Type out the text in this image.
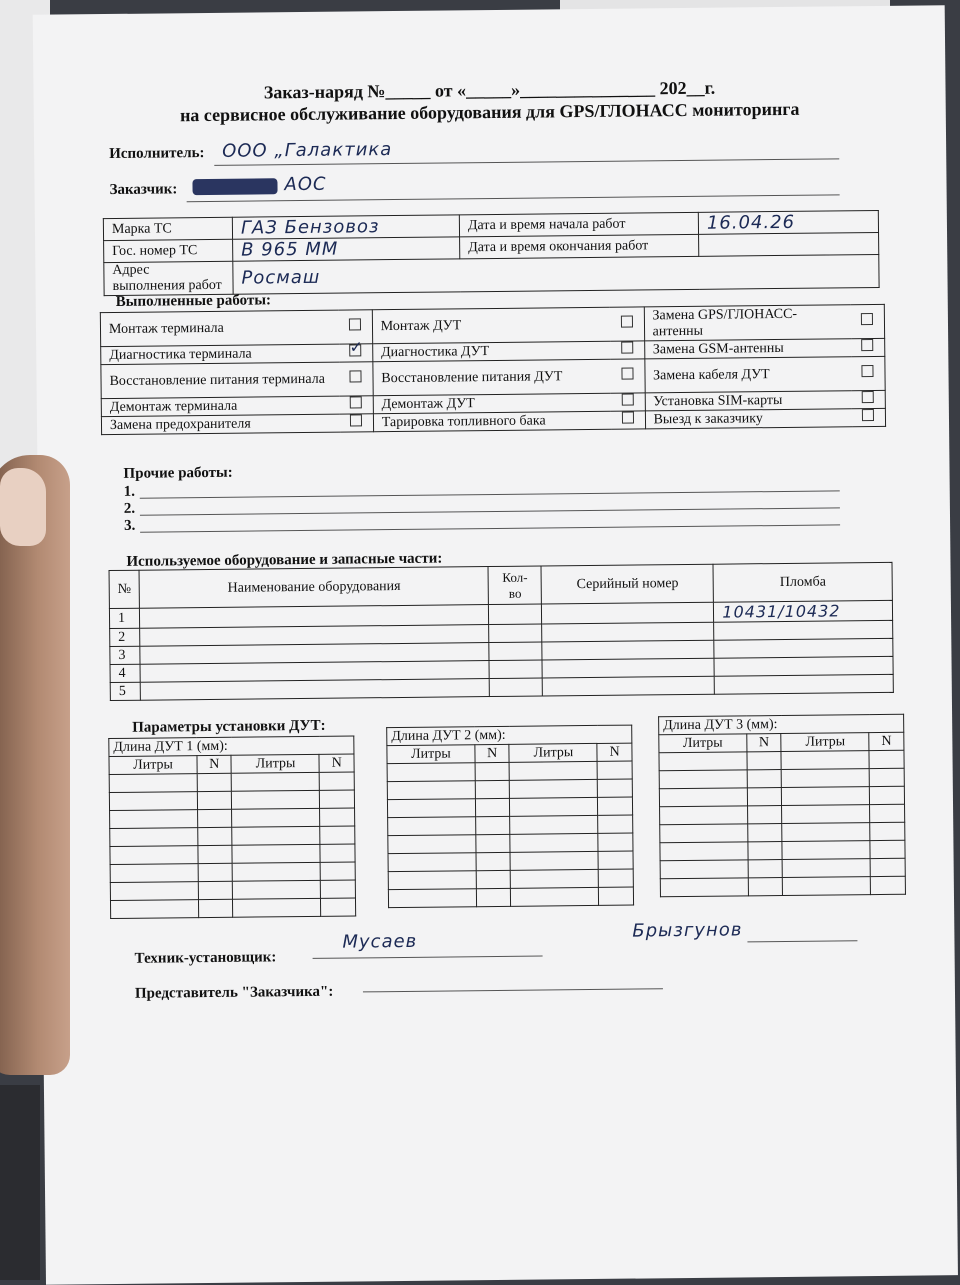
Заказ-наряд №_____ от «_____»_______________ 202__г.
на сервисное обслуживание оборудования для GPS/ГЛОНАСС мониторинга
Исполнитель: ООО „Галактика
Заказчик:	АОС
Марка ТС	ГАЗ Бензовоз	Дата и время начала работ	16.04.26
Гос. номер ТС	В 965 ММ	Дата и время окончания работ	
Адрес выполнения работ	Росмаш		
Выполненные работы:
Монтаж терминала		Монтаж ДУТ		Замена GPS/ГЛОНАСС-антенны	
Диагностика терминала	✓	Диагностика ДУТ		Замена GSM-антенны	
Восстановление питания терминала		Восстановление питания ДУТ		Замена кабеля ДУТ	
Демонтаж терминала		Демонтаж ДУТ		Установка SIM-карты	
Замена предохранителя		Тарировка топливного бака		Выезд к заказчику	
Прочие работы:
1.
2.
3.
Используемое оборудование и запасные части:
№	Наименование оборудования	Кол-во	Серийный номер	Пломба
1				10431/10432
2				
3				
4				
5				
Параметры установки ДУТ:
Техник-установщик:
Мусаев
Брызгунов
Представитель "Заказчика":
Длина ДУТ 1 (мм):			
Литры	N	Литры	N

Длина ДУТ 2 (мм):			
Литры	N	Литры	N

Длина ДУТ 3 (мм):			
Литры	N	Литры	N
